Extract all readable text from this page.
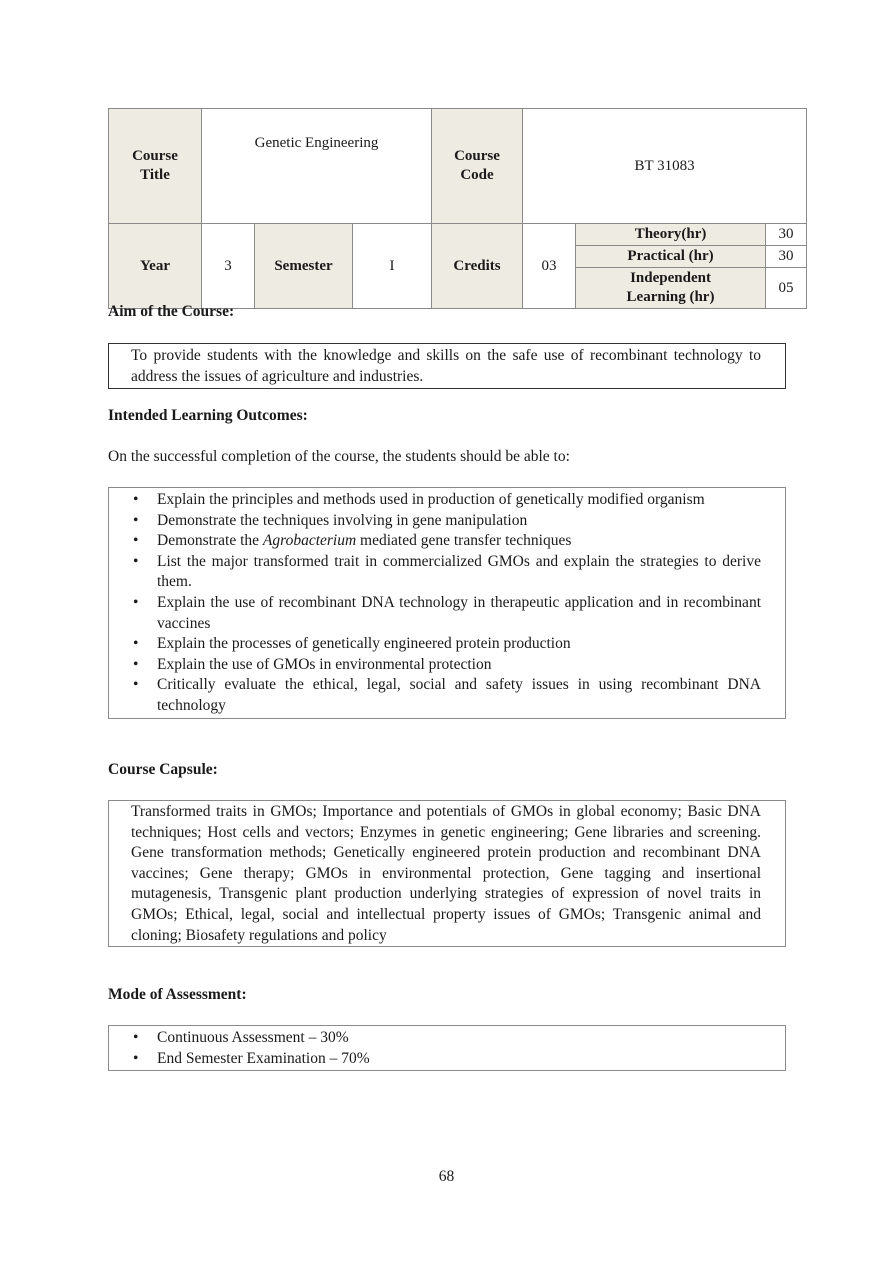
Course Title	Genetic Engineering			Course Code	BT 31083		
Year	3	Semester	I	Credits	03	Theory(hr)	30
						Practical (hr)	30
						Independent Learning (hr)	05
Aim of the Course:
To provide students with the knowledge and skills on the safe use of recombinant technology to address the issues of agriculture and industries.
Intended Learning Outcomes:
On the successful completion of the course, the students should be able to:
• Explain the principles and methods used in production of genetically modified organism
• Demonstrate the techniques involving in gene manipulation
• Demonstrate the Agrobacterium mediated gene transfer techniques
• List the major transformed trait in commercialized GMOs and explain the strategies to derive them.
• Explain the use of recombinant DNA technology in therapeutic application and in recombinant vaccines
• Explain the processes of genetically engineered protein production
• Explain the use of GMOs in environmental protection
• Critically evaluate the ethical, legal, social and safety issues in using recombinant DNA technology
Course Capsule:
Transformed traits in GMOs; Importance and potentials of GMOs in global economy; Basic DNA techniques; Host cells and vectors; Enzymes in genetic engineering; Gene libraries and screening. Gene transformation methods; Genetically engineered protein production and recombinant DNA vaccines; Gene therapy; GMOs in environmental protection, Gene tagging and insertional mutagenesis, Transgenic plant production underlying strategies of expression of novel traits in GMOs; Ethical, legal, social and intellectual property issues of GMOs; Transgenic animal and cloning; Biosafety regulations and policy
Mode of Assessment:
• Continuous Assessment – 30%
• End Semester Examination – 70%
68
